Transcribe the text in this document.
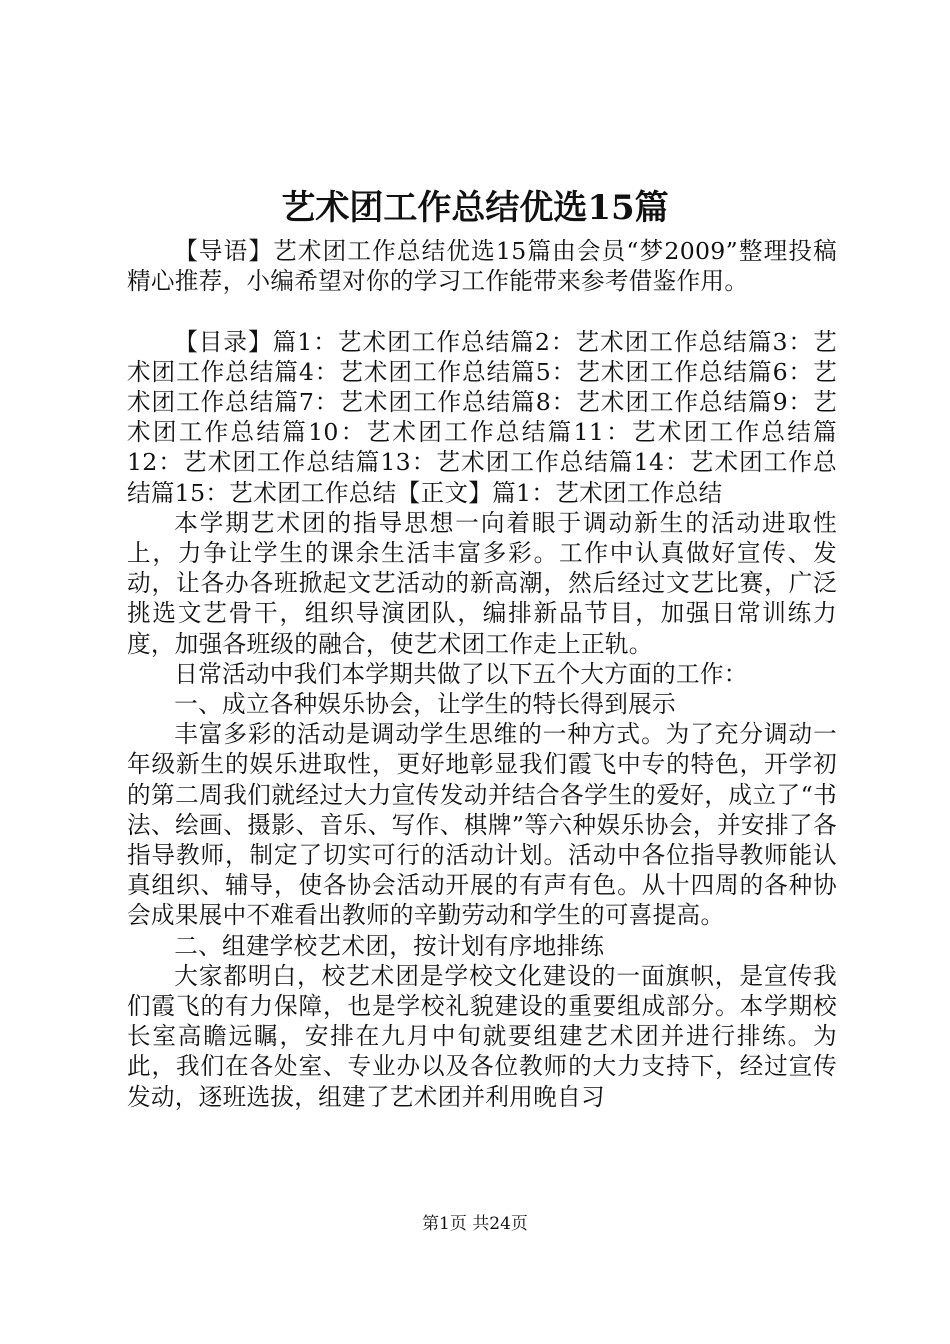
艺术团工作总结优选15篇

【导语】艺术团工作总结优选15篇由会员“梦2009”整理投稿精心推荐，小编希望对你的学习工作能带来参考借鉴作用。

【目录】篇1：艺术团工作总结篇2：艺术团工作总结篇3：艺术团工作总结篇4：艺术团工作总结篇5：艺术团工作总结篇6：艺术团工作总结篇7：艺术团工作总结篇8：艺术团工作总结篇9：艺术团工作总结篇10：艺术团工作总结篇11：艺术团工作总结篇12：艺术团工作总结篇13：艺术团工作总结篇14：艺术团工作总结篇15：艺术团工作总结【正文】篇1：艺术团工作总结

本学期艺术团的指导思想一向着眼于调动新生的活动进取性上，力争让学生的课余生活丰富多彩。工作中认真做好宣传、发动，让各办各班掀起文艺活动的新高潮，然后经过文艺比赛，广泛挑选文艺骨干，组织导演团队，编排新品节目，加强日常训练力度，加强各班级的融合，使艺术团工作走上正轨。

日常活动中我们本学期共做了以下五个大方面的工作：

一、成立各种娱乐协会，让学生的特长得到展示

丰富多彩的活动是调动学生思维的一种方式。为了充分调动一年级新生的娱乐进取性，更好地彰显我们霞飞中专的特色，开学初的第二周我们就经过大力宣传发动并结合各学生的爱好，成立了“书法、绘画、摄影、音乐、写作、棋牌”等六种娱乐协会，并安排了各指导教师，制定了切实可行的活动计划。活动中各位指导教师能认真组织、辅导，使各协会活动开展的有声有色。从十四周的各种协会成果展中不难看出教师的辛勤劳动和学生的可喜提高。

二、组建学校艺术团，按计划有序地排练

大家都明白，校艺术团是学校文化建设的一面旗帜，是宣传我们霞飞的有力保障，也是学校礼貌建设的重要组成部分。本学期校长室高瞻远瞩，安排在九月中旬就要组建艺术团并进行排练。为此，我们在各处室、专业办以及各位教师的大力支持下，经过宣传发动，逐班选拔，组建了艺术团并利用晚自习

第1页 共24页
